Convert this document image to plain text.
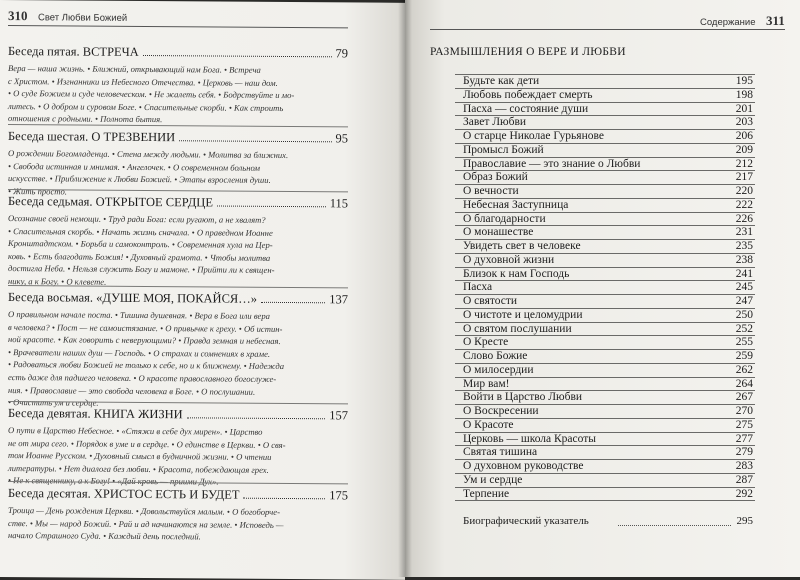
310 Свет Любви Божией
Беседа пятая. ВСТРЕЧА	79
Вера — наша жизнь. • Ближний, открывающий нам Бога. • Встреча
с Христом. • Изгнанники из Небесного Отечества. • Церковь — наш дом.
• О суде Божием и суде человеческом. • Не жалеть себя. • Бодрствуйте и мо-
литесь. • О добром и суровом Боге. • Спасительные скорби. • Как строить
отношения с родными. • Полнота бытия.
Беседа шестая. О ТРЕЗВЕНИИ	95
О рождении Богомладенца. • Стена между людьми. • Молитва за ближних.
• Свобода истинная и мнимая. • Ангелочек. • О современном больном
искусстве. • Приближение к Любви Божией. • Этапы взросления души.
• Жить просто.
Беседа седьмая. ОТКРЫТОЕ СЕРДЦЕ	115
Осознание своей немощи. • Труд ради Бога: если ругают, а не хвалят?
• Спасительная скорбь. • Начать жизнь сначала. • О праведном Иоанне
Кронштадтском. • Борьба и самоконтроль. • Современная хула на Цер-
ковь. • Есть благодать Божия! • Духовный грамота. • Чтобы молитва
достигла Неба. • Нельзя служить Богу и мамоне. • Прийти ли к священ-
нику, а к Богу. • О клевете.
Беседа восьмая. «ДУШЕ МОЯ, ПОКАЙСЯ…»	137
О правильном начале поста. • Тишина душевная. • Вера в Бога или вера
в человека? • Пост — не самоистязание. • О привычке к греху. • Об истин-
ной красоте. • Как говорить с неверующими? • Правда земная и небесная.
• Врачеватели наших душ — Господь. • О страхах и сомнениях в храме.
• Радоваться любви Божией не только к себе, но и к ближнему. • Надежда
есть даже для падшего человека. • О красоте православного богослуже-
ния. • Православие — это свобода человека в Боге. • О послушании.
• Очистить ум и сердце.
Беседа девятая. КНИГА ЖИЗНИ	157
О пути в Царство Небесное. • «Стяжи в себе дух мирен». • Царство
не от мира сего. • Порядок в уме и в сердце. • О единстве в Церкви. • О свя-
том Иоанне Русском. • Духовный смысл в будничной жизни. • О чтении
литературы. • Нет диалога без любви. • Красота, побеждающая грех.
• Не к священнику, а к Богу! • «Дай кровь — приими Дух».
Беседа десятая. ХРИСТОС ЕСТЬ И БУДЕТ	175
Троица — День рождения Церкви. • Довольствуйся малым. • О богоборче-
стве. • Мы — народ Божий. • Рай и ад начинаются на земле. • Исповедь —
начало Страшного Суда. • Каждый день последний.
Содержание 311
РАЗМЫШЛЕНИЯ О ВЕРЕ И ЛЮБВИ
Будьте как дети	195
Любовь побеждает смерть	198
Пасха — состояние души	201
Завет Любви	203
О старце Николае Гурьянове	206
Промысл Божий	209
Православие — это знание о Любви	212
Образ Божий	217
О вечности	220
Небесная Заступница	222
О благодарности	226
О монашестве	231
Увидеть свет в человеке	235
О духовной жизни	238
Близок к нам Господь	241
Пасха	245
О святости	247
О чистоте и целомудрии	250
О святом послушании	252
О Кресте	255
Слово Божие	259
О милосердии	262
Мир вам!	264
Войти в Царство Любви	267
О Воскресении	270
О Красоте	275
Церковь — школа Красоты	277
Святая тишина	279
О духовном руководстве	283
Ум и сердце	287
Терпение	292
Биографический указатель	295
